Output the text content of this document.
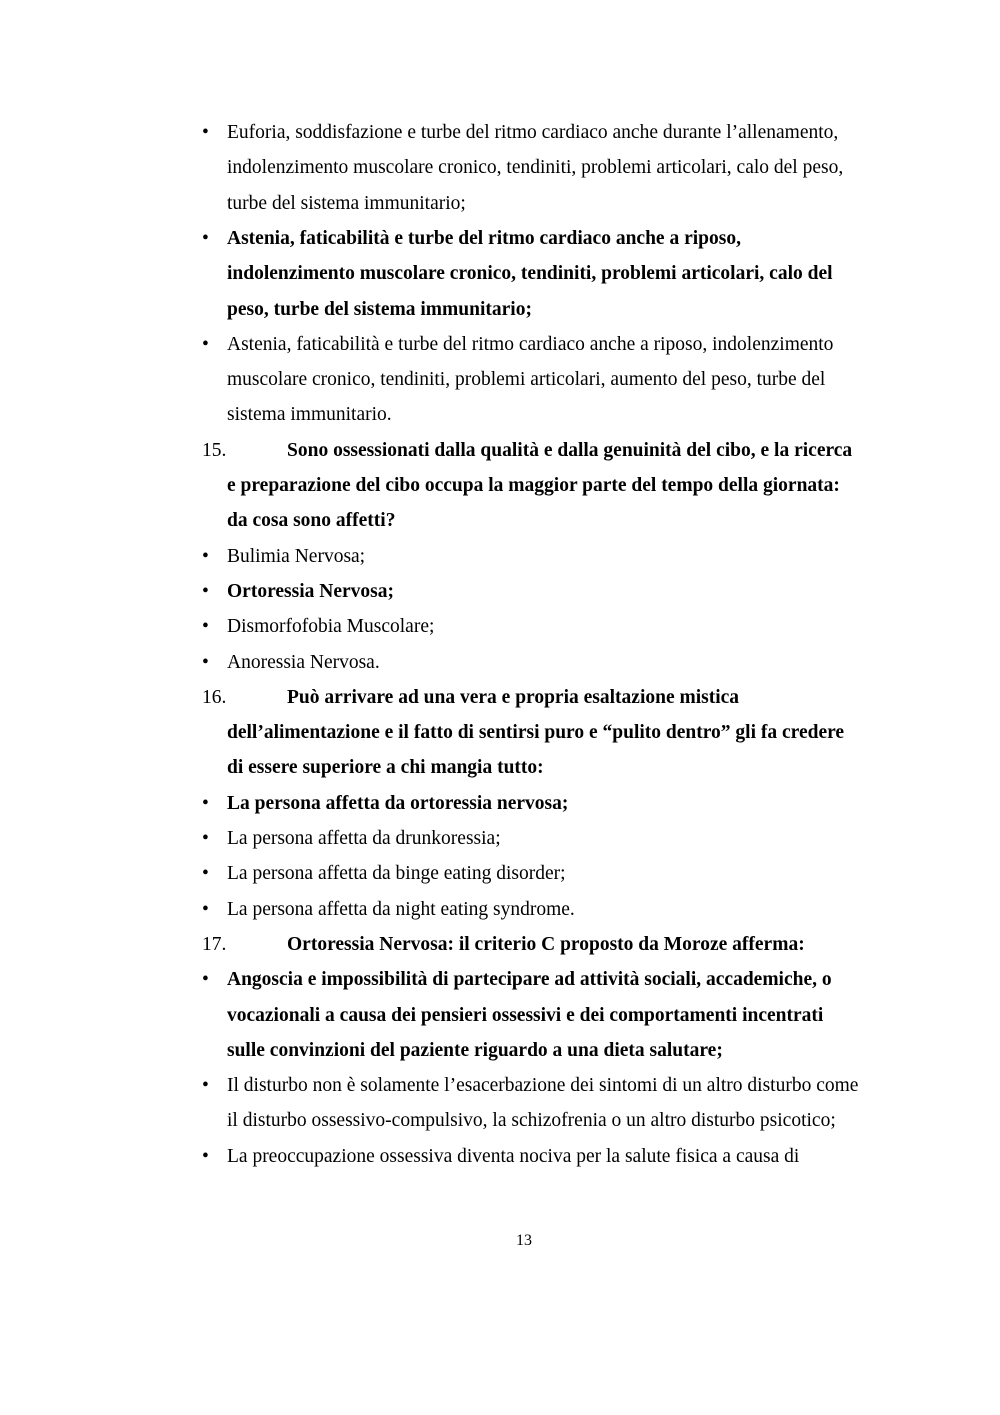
• Euforia, soddisfazione e turbe del ritmo cardiaco anche durante l’allenamento,
indolenzimento muscolare cronico, tendiniti, problemi articolari, calo del peso,
turbe del sistema immunitario;
• Astenia, faticabilità e turbe del ritmo cardiaco anche a riposo,
indolenzimento muscolare cronico, tendiniti, problemi articolari, calo del
peso, turbe del sistema immunitario;
• Astenia, faticabilità e turbe del ritmo cardiaco anche a riposo, indolenzimento
muscolare cronico, tendiniti, problemi articolari, aumento del peso, turbe del
sistema immunitario.
15.	Sono ossessionati dalla qualità e dalla genuinità del cibo, e la ricerca
e preparazione del cibo occupa la maggior parte del tempo della giornata:
da cosa sono affetti?
• Bulimia Nervosa;
• Ortoressia Nervosa;
• Dismorfofobia Muscolare;
• Anoressia Nervosa.
16.	Può arrivare ad una vera e propria esaltazione mistica
dell’alimentazione e il fatto di sentirsi puro e “pulito dentro” gli fa credere
di essere superiore a chi mangia tutto:
• La persona affetta da ortoressia nervosa;
• La persona affetta da drunkoressia;
• La persona affetta da binge eating disorder;
• La persona affetta da night eating syndrome.
17.	Ortoressia Nervosa: il criterio C proposto da Moroze afferma:
• Angoscia e impossibilità di partecipare ad attività sociali, accademiche, o
vocazionali a causa dei pensieri ossessivi e dei comportamenti incentrati
sulle convinzioni del paziente riguardo a una dieta salutare;
• Il disturbo non è solamente l’esacerbazione dei sintomi di un altro disturbo come
il disturbo ossessivo-compulsivo, la schizofrenia o un altro disturbo psicotico;
• La preoccupazione ossessiva diventa nociva per la salute fisica a causa di
13
